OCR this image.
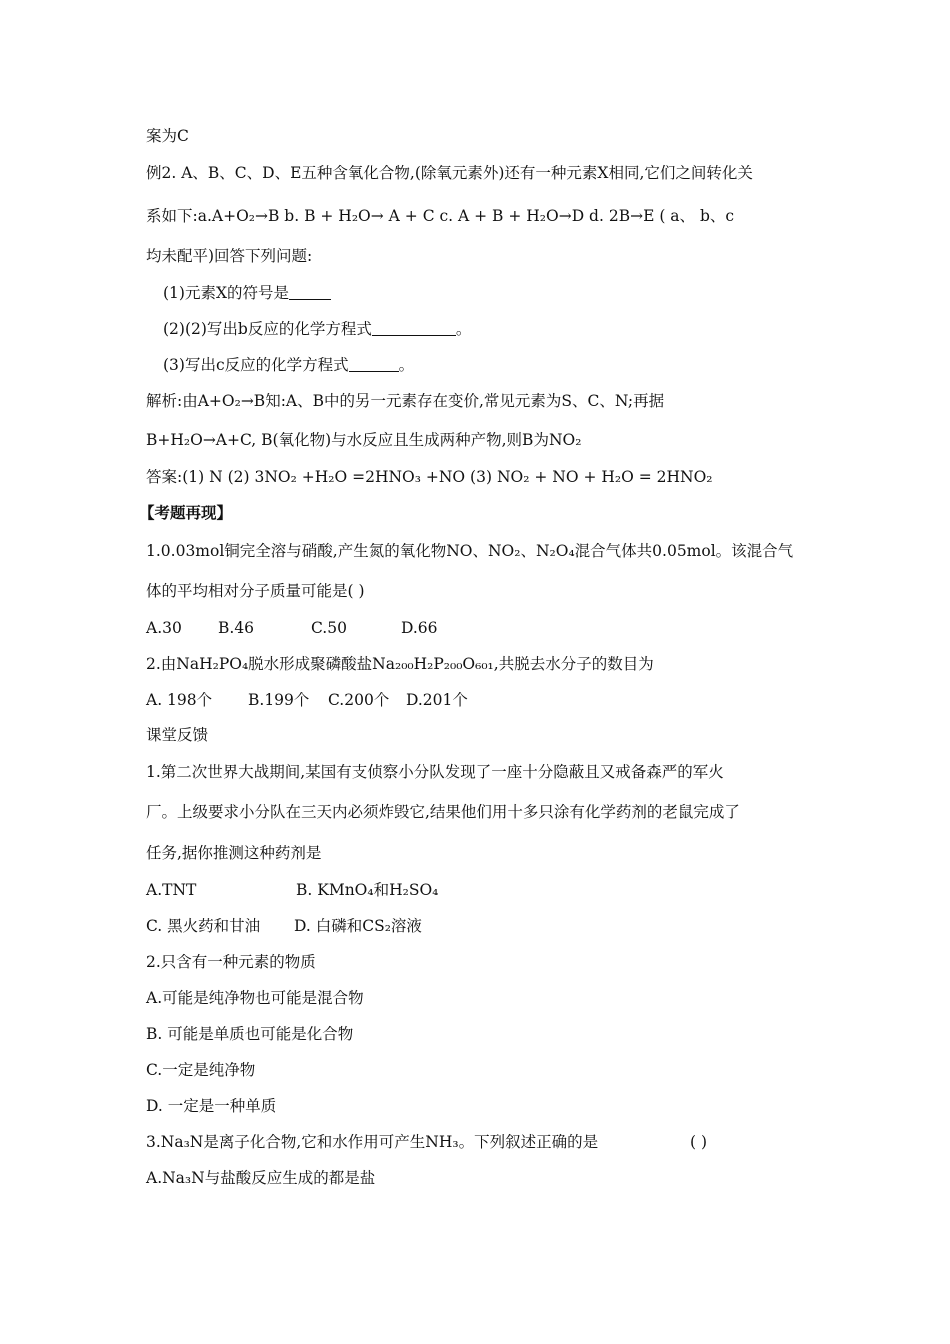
案为C
例2. A、B、C、D、E五种含氧化合物,(除氧元素外)还有一种元素X相同,它们之间转化关
系如下:a.A+O₂→B b. B + H₂O→ A + C c. A + B + H₂O→D d. 2B→E ( a、 b、c
均未配平)回答下列问题:
(1)元素X的符号是
(2)(2)写出b反应的化学方程式	。
(3)写出c反应的化学方程式	。
解析:由A+O₂→B知:A、B中的另一元素存在变价,常见元素为S、C、N;再据
B+H₂O→A+C, B(氧化物)与水反应且生成两种产物,则B为NO₂
答案:(1) N (2) 3NO₂ +H₂O =2HNO₃ +NO (3) NO₂ + NO + H₂O = 2HNO₂
【考题再现】
1.0.03mol铜完全溶与硝酸,产生氮的氧化物NO、NO₂、N₂O₄混合气体共0.05mol。该混合气
体的平均相对分子质量可能是( )
A.30 B.46	C.50	D.66
2.由NaH₂PO₄脱水形成聚磷酸盐Na₂₀₀H₂P₂₀₀O₆₀₁,共脱去水分子的数目为
A. 198个 B.199个 C.200个 D.201个
课堂反馈
1.第二次世界大战期间,某国有支侦察小分队发现了一座十分隐蔽且又戒备森严的军火
厂。上级要求小分队在三天内必须炸毁它,结果他们用十多只涂有化学药剂的老鼠完成了
任务,据你推测这种药剂是
A.TNT	B. KMnO₄和H₂SO₄
C. 黑火药和甘油 D. 白磷和CS₂溶液
2.只含有一种元素的物质
A.可能是纯净物也可能是混合物
B. 可能是单质也可能是化合物
C.一定是纯净物
D. 一定是一种单质
3.Na₃N是离子化合物,它和水作用可产生NH₃。下列叙述正确的是	( )
A.Na₃N与盐酸反应生成的都是盐
